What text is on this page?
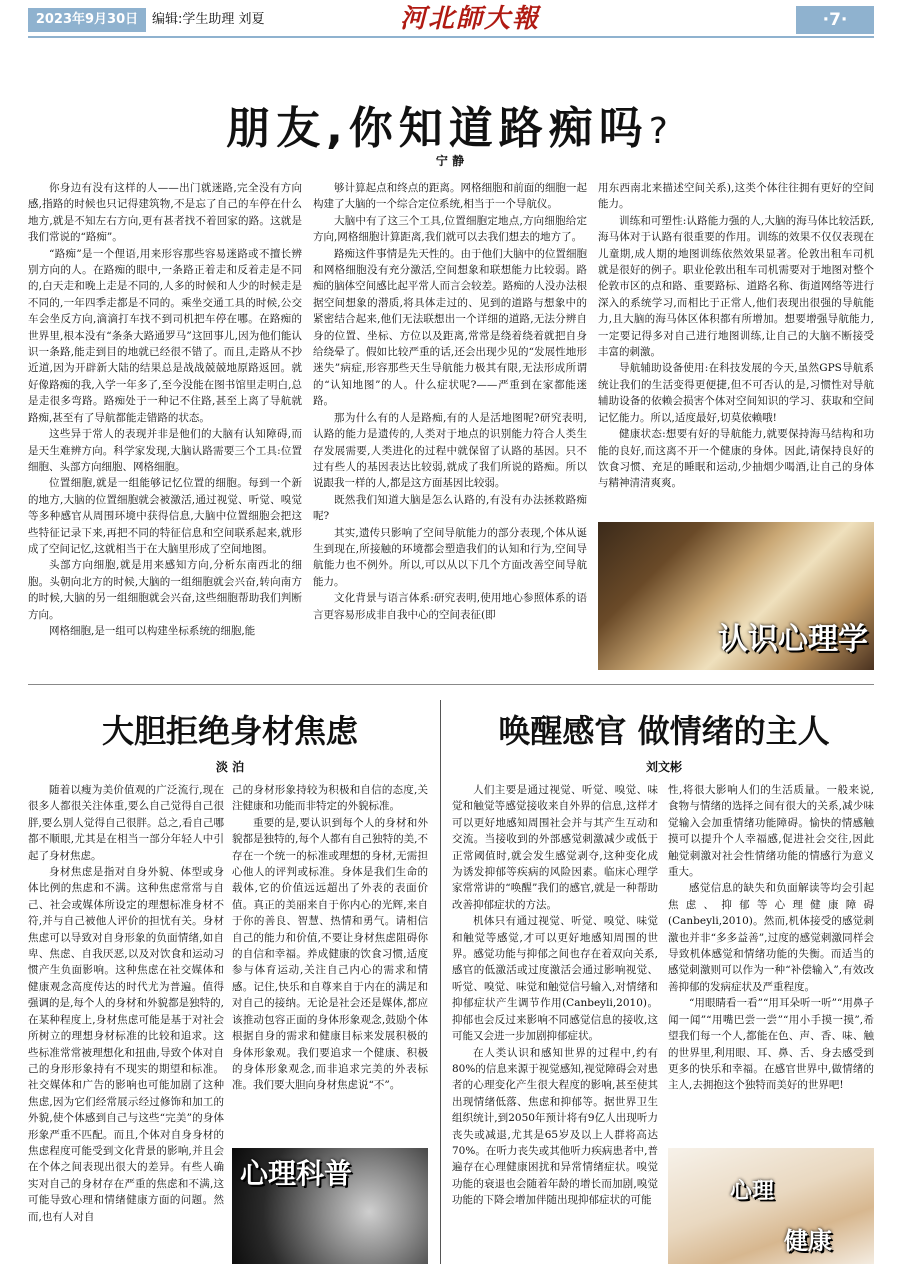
2023年9月30日	编辑:学生助理 刘夏	河北師大報	·7·
朋友,你知道路痴吗?
宁 静

你身边有没有这样的人——出门就迷路,完全没有方向感,指路的时候也只记得建筑物,不是忘了自己的车停在什么地方,就是不知左右方向,更有甚者找不着回家的路。这就是我们常说的“路痴”。

“路痴”是一个俚语,用来形容那些容易迷路或不擅长辨别方向的人。在路痴的眼中,一条路正着走和反着走是不同的,白天走和晚上走是不同的,人多的时候和人少的时候走是不同的,一年四季走都是不同的。乘坐交通工具的时候,公交车会坐反方向,滴滴打车找不到司机把车停在哪。在路痴的世界里,根本没有“条条大路通罗马”这回事儿,因为他们能认识一条路,能走到目的地就已经很不错了。而且,走路从不抄近道,因为开辟新大陆的结果总是战战兢兢地原路返回。就好像路痴的我,入学一年多了,至今没能在图书馆里走明白,总是走很多弯路。路痴处于一种记不住路,甚至上离了导航就路痴,甚至有了导航都能走错路的状态。

这些异于常人的表现并非是他们的大脑有认知障碍,而是天生难辨方向。科学家发现,大脑认路需要三个工具:位置细胞、头部方向细胞、网格细胞。

位置细胞,就是一组能够记忆位置的细胞。每到一个新的地方,大脑的位置细胞就会被激活,通过视觉、听觉、嗅觉等多种感官从周围环境中获得信息,大脑中位置细胞会把这些特征记录下来,再把不同的特征信息和空间联系起来,就形成了空间记忆,这就相当于在大脑里形成了空间地图。

头部方向细胞,就是用来感知方向,分析东南西北的细胞。头朝向北方的时候,大脑的一组细胞就会兴奋,转向南方的时候,大脑的另一组细胞就会兴奋,这些细胞帮助我们判断方向。

网格细胞,是一组可以构建坐标系统的细胞,能

够计算起点和终点的距离。网格细胞和前面的细胞一起构建了大脑的一个综合定位系统,相当于一个导航仪。

大脑中有了这三个工具,位置细胞定地点,方向细胞给定方向,网格细胞计算距离,我们就可以去我们想去的地方了。

路痴这件事情是先天性的。由于他们大脑中的位置细胞和网格细胞没有充分激活,空间想象和联想能力比较弱。路痴的脑体空间感比起平常人而言会较差。路痴的人没办法根据空间想象的潜质,将具体走过的、见到的道路与想象中的紧密结合起来,他们无法联想出一个详细的道路,无法分辨自身的位置、坐标、方位以及距离,常常是绕着绕着就把自身给绕晕了。假如比较严重的话,还会出现少见的“发展性地形迷失”病症,形容那些天生导航能力极其有限,无法形成所谓的“认知地图”的人。什么症状呢?——严重到在家都能迷路。

那为什么有的人是路痴,有的人是活地图呢?研究表明,认路的能力是遗传的,人类对于地点的识别能力符合人类生存发展需要,人类进化的过程中就保留了认路的基因。只不过有些人的基因表达比较弱,就成了我们所说的路痴。所以说跟我一样的人,都是这方面基因比较弱。

既然我们知道大脑是怎么认路的,有没有办法拯救路痴呢?

其实,遗传只影响了空间导航能力的部分表现,个体从诞生到现在,所接触的环境都会塑造我们的认知和行为,空间导航能力也不例外。所以,可以从以下几个方面改善空间导航能力。

文化背景与语言体系:研究表明,使用地心参照体系的语言更容易形成非自我中心的空间表征(即

用东西南北来描述空间关系),这类个体往往拥有更好的空间能力。

训练和可塑性:认路能力强的人,大脑的海马体比较活跃,海马体对于认路有很重要的作用。训练的效果不仅仅表现在儿童期,成人期的地图训练依然效果显著。伦敦出租车司机就是很好的例子。职业伦敦出租车司机需要对于地图对整个伦敦市区的点和路、重要路标、道路名称、街道网络等进行深入的系统学习,而相比于正常人,他们表现出很强的导航能力,且大脑的海马体区体积都有所增加。想要增强导航能力,一定要记得多对自己进行地图训练,让自己的大脑不断接受丰富的刺激。

导航辅助设备使用:在科技发展的今天,虽然GPS导航系统让我们的生活变得更便捷,但不可否认的是,习惯性对导航辅助设备的依赖会损害个体对空间知识的学习、获取和空间记忆能力。所以,适度最好,切莫依赖哦!

健康状态:想要有好的导航能力,就要保持海马结构和功能的良好,而这离不开一个健康的身体。因此,请保持良好的饮食习惯、充足的睡眠和运动,少抽烟少喝酒,让自己的身体与精神清清爽爽。

认识心理学
大胆拒绝身材焦虑
淡 泊

随着以瘦为美价值观的广泛流行,现在很多人都很关注体重,要么自己觉得自己很胖,要么别人觉得自己很胖。总之,看自己哪都不顺眼,尤其是在相当一部分年轻人中引起了身材焦虑。

身材焦虑是指对自身外貌、体型或身体比例的焦虑和不满。这种焦虑常常与自己、社会或媒体所设定的理想标准身材不符,并与自己被他人评价的担忧有关。身材焦虑可以导致对自身形象的负面情绪,如自卑、焦虑、自我厌恶,以及对饮食和运动习惯产生负面影响。这种焦虑在社交媒体和健康观念高度传达的时代尤为普遍。值得强调的是,每个人的身材和外貌都是独特的,在某种程度上,身材焦虑可能是基于对社会所树立的理想身材标准的比较和追求。这些标准常常被理想化和扭曲,导致个体对自己的身形形象持有不现实的期望和标准。社交媒体和广告的影响也可能加剧了这种焦虑,因为它们经常展示经过修饰和加工的外貌,使个体感到自己与这些“完美”的身体形象严重不匹配。而且,个体对自身身材的焦虑程度可能受到文化背景的影响,并且会在个体之间表现出很大的差异。有些人确实对自己的身材存在严重的焦虑和不满,这可能导致心理和情绪健康方面的问题。然而,也有人对自

己的身材形象持较为积极和自信的态度,关注健康和功能而非特定的外貌标准。

重要的是,要认识到每个人的身材和外貌都是独特的,每个人都有自己独特的美,不存在一个统一的标准或理想的身材,无需担心他人的评判或标准。身体是我们生命的载体,它的价值远远超出了外表的表面价值。真正的美丽来自于你内心的光辉,来自于你的善良、智慧、热情和勇气。请相信自己的能力和价值,不要让身材焦虑阻碍你的自信和幸福。养成健康的饮食习惯,适度参与体育运动,关注自己内心的需求和情感。记住,快乐和自尊来自于内在的满足和对自己的接纳。无论是社会还是媒体,都应该推动包容正面的身体形象观念,鼓励个体根据自身的需求和健康目标来发展积极的身体形象观。我们要追求一个健康、积极的身体形象观念,而非追求完美的外表标准。我们要大胆向身材焦虑说“不”。

心理科普
唤醒感官 做情绪的主人
刘文彬

人们主要是通过视觉、听觉、嗅觉、味觉和触觉等感觉接收来自外界的信息,这样才可以更好地感知周围社会并与其产生互动和交流。当接收到的外部感觉刺激减少或低于正常阈值时,就会发生感觉剥夺,这种变化成为诱发抑郁等疾病的风险因素。临床心理学家常常讲的“唤醒”我们的感官,就是一种帮助改善抑郁症状的方法。

机体只有通过视觉、听觉、嗅觉、味觉和触觉等感觉,才可以更好地感知周围的世界。感觉功能与抑郁之间也存在着双向关系,感官的低激活或过度激活会通过影响视觉、听觉、嗅觉、味觉和触觉信号输入,对情绪和抑郁症状产生调节作用(Canbeyli,2010)。抑郁也会反过来影响不同感觉信息的接收,这可能又会进一步加剧抑郁症状。

在人类认识和感知世界的过程中,约有80%的信息来源于视觉感知,视觉障碍会对患者的心理变化产生很大程度的影响,甚至使其出现情绪低落、焦虑和抑郁等。据世界卫生组织统计,到2050年预计将有9亿人出现听力丧失或减退,尤其是65岁及以上人群将高达70%。在听力丧失或其他听力疾病患者中,普遍存在心理健康困扰和异常情绪症状。嗅觉功能的衰退也会随着年龄的增长而加剧,嗅觉功能的下降会增加伴随出现抑郁症状的可能

性,将很大影响人们的生活质量。一般来说,食物与情绪的选择之间有很大的关系,减少味觉输入会加重情绪功能障碍。愉快的情感触摸可以提升个人幸福感,促进社会交往,因此触觉刺激对社会性情绪功能的情感行为意义重大。

感觉信息的缺失和负面解读等均会引起焦虑、抑郁等心理健康障碍(Canbeyli,2010)。然而,机体接受的感觉刺激也并非“多多益善”,过度的感觉刺激同样会导致机体感觉和情绪功能的失衡。而适当的感觉刺激则可以作为一种“补偿输入”,有效改善抑郁的发病症状及严重程度。

“用眼睛看一看”“用耳朵听一听”“用鼻子闻一闻”“用嘴巴尝一尝”“用小手摸一摸”,希望我们每一个人,都能在色、声、香、味、触的世界里,利用眼、耳、鼻、舌、身去感受到更多的快乐和幸福。在感官世界中,做情绪的主人,去拥抱这个独特而美好的世界吧!

心理
健康
